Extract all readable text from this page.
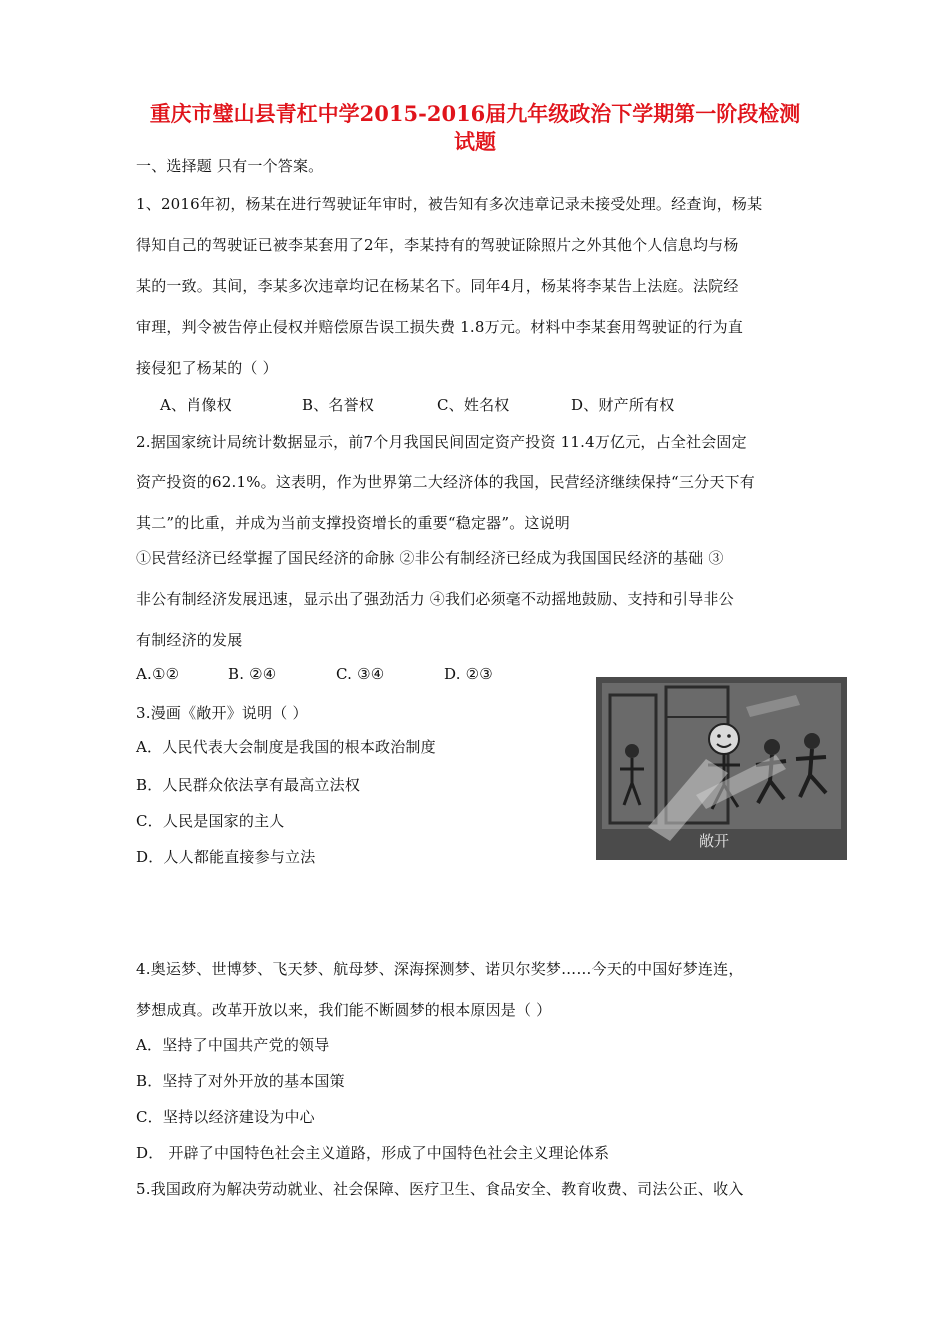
重庆市璧山县青杠中学2015-2016届九年级政治下学期第一阶段检测
试题
一、选择题 只有一个答案。
1、2016年初，杨某在进行驾驶证年审时，被告知有多次违章记录未接受处理。经查询，杨某
得知自己的驾驶证已被李某套用了2年，李某持有的驾驶证除照片之外其他个人信息均与杨
某的一致。其间，李某多次违章均记在杨某名下。同年4月，杨某将李某告上法庭。法院经
审理，判令被告停止侵权并赔偿原告误工损失费 1.8万元。材料中李某套用驾驶证的行为直
接侵犯了杨某的（ ）
A、肖像权	B、名誉权	C、姓名权	D、财产所有权
2.据国家统计局统计数据显示，前7个月我国民间固定资产投资 11.4万亿元，占全社会固定
资产投资的62.1%。这表明，作为世界第二大经济体的我国，民营经济继续保持“三分天下有
其二”的比重，并成为当前支撑投资增长的重要“稳定器”。这说明
①民营经济已经掌握了国民经济的命脉 ②非公有制经济已经成为我国国民经济的基础 ③
非公有制经济发展迅速，显示出了强劲活力 ④我们必须毫不动摇地鼓励、支持和引导非公
有制经济的发展
A.①②	B. ②④	C. ③④	D. ②③
3.漫画《敞开》说明（ ）
A．人民代表大会制度是我国的根本政治制度
B．人民群众依法享有最高立法权
C．人民是国家的主人
D．人人都能直接参与立法
敞开
4.奥运梦、世博梦、飞天梦、航母梦、深海探测梦、诺贝尔奖梦……今天的中国好梦连连，
梦想成真。改革开放以来，我们能不断圆梦的根本原因是（ ）
A．坚持了中国共产党的领导
B．坚持了对外开放的基本国策
C．坚持以经济建设为中心
D． 开辟了中国特色社会主义道路，形成了中国特色社会主义理论体系
5.我国政府为解决劳动就业、社会保障、医疗卫生、食品安全、教育收费、司法公正、收入
